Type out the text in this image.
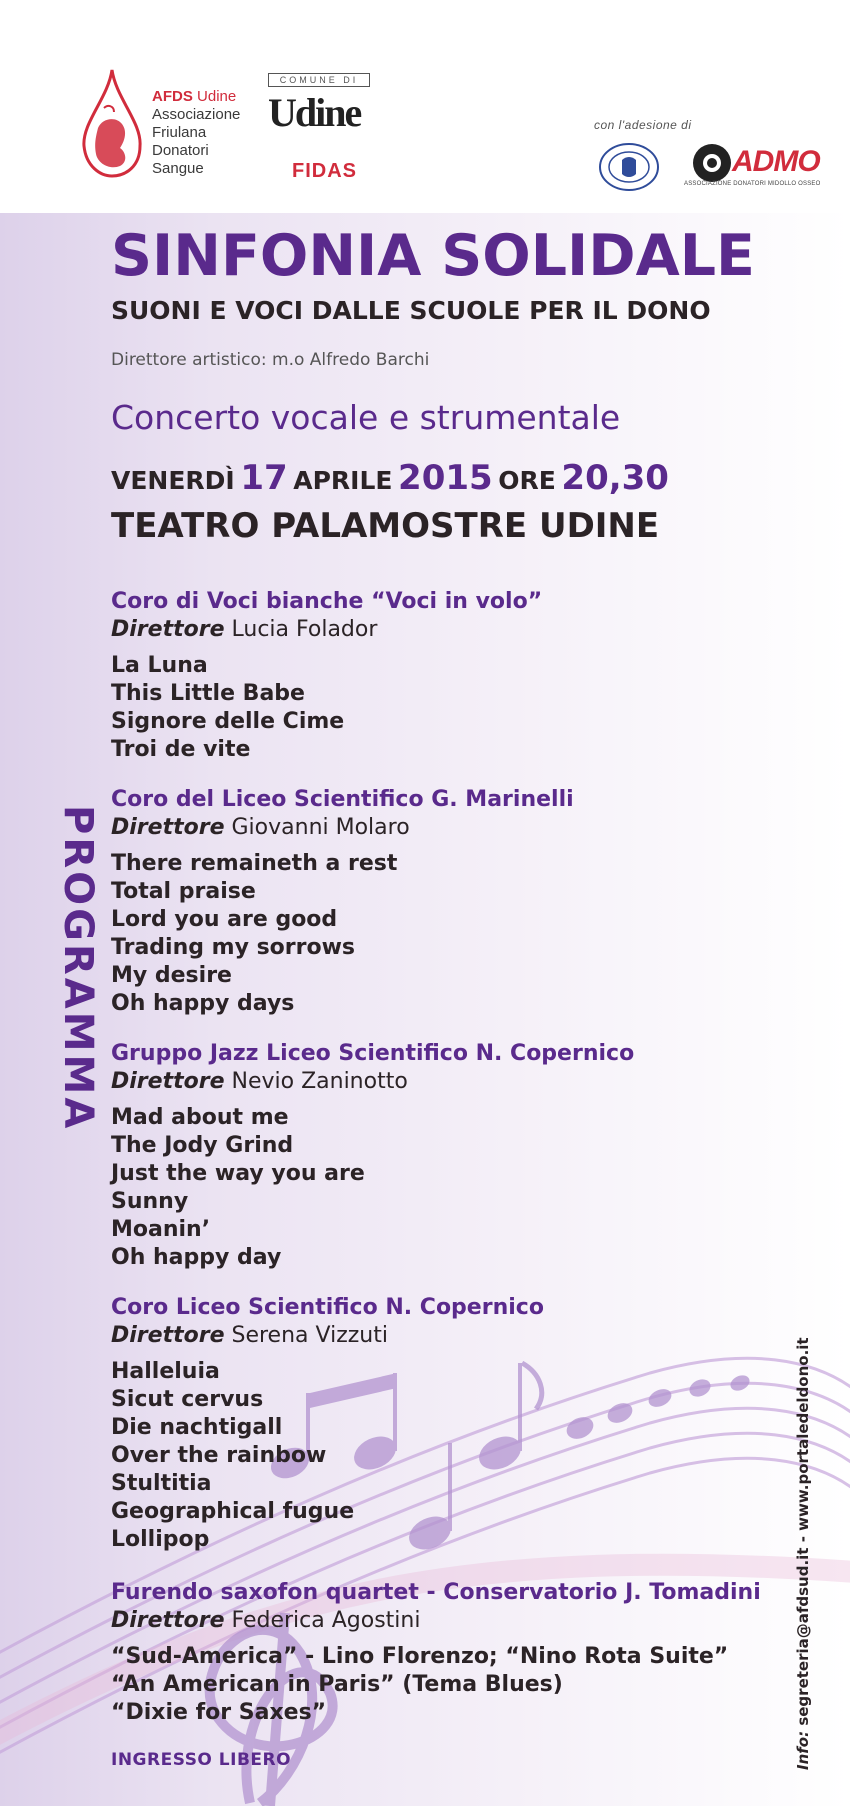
AFDS Udine
Associazione
Friulana
Donatori
Sangue
COMUNE DI
Udine
FIDAS
con l'adesione di
ADMO
ASSOCIAZIONE DONATORI MIDOLLO OSSEO
PROGRAMMA
SINFONIA SOLIDALE
SUONI E VOCI DALLE SCUOLE PER IL DONO
Direttore artistico: m.o Alfredo Barchi
Concerto vocale e strumentale
VENERDÌ 17 APRILE 2015 ORE 20,30
TEATRO PALAMOSTRE UDINE
Coro di Voci bianche “Voci in volo”
Direttore Lucia Folador
La Luna
This Little Babe
Signore delle Cime
Troi de vite
Coro del Liceo Scientifico G. Marinelli
Direttore Giovanni Molaro
There remaineth a rest
Total praise
Lord you are good
Trading my sorrows
My desire
Oh happy days
Gruppo Jazz Liceo Scientifico N. Copernico
Direttore Nevio Zaninotto
Mad about me
The Jody Grind
Just the way you are
Sunny
Moanin’
Oh happy day
Coro Liceo Scientifico N. Copernico
Direttore Serena Vizzuti
Halleluia
Sicut cervus
Die nachtigall
Over the rainbow
Stultitia
Geographical fugue
Lollipop
Furendo saxofon quartet - Conservatorio J. Tomadini
Direttore Federica Agostini
“Sud-America” - Lino Florenzo; “Nino Rota Suite”
“An American in Paris” (Tema Blues)
“Dixie for Saxes”
INGRESSO LIBERO	Info: segreteria@afdsud.it - www.portaledeldono.it
